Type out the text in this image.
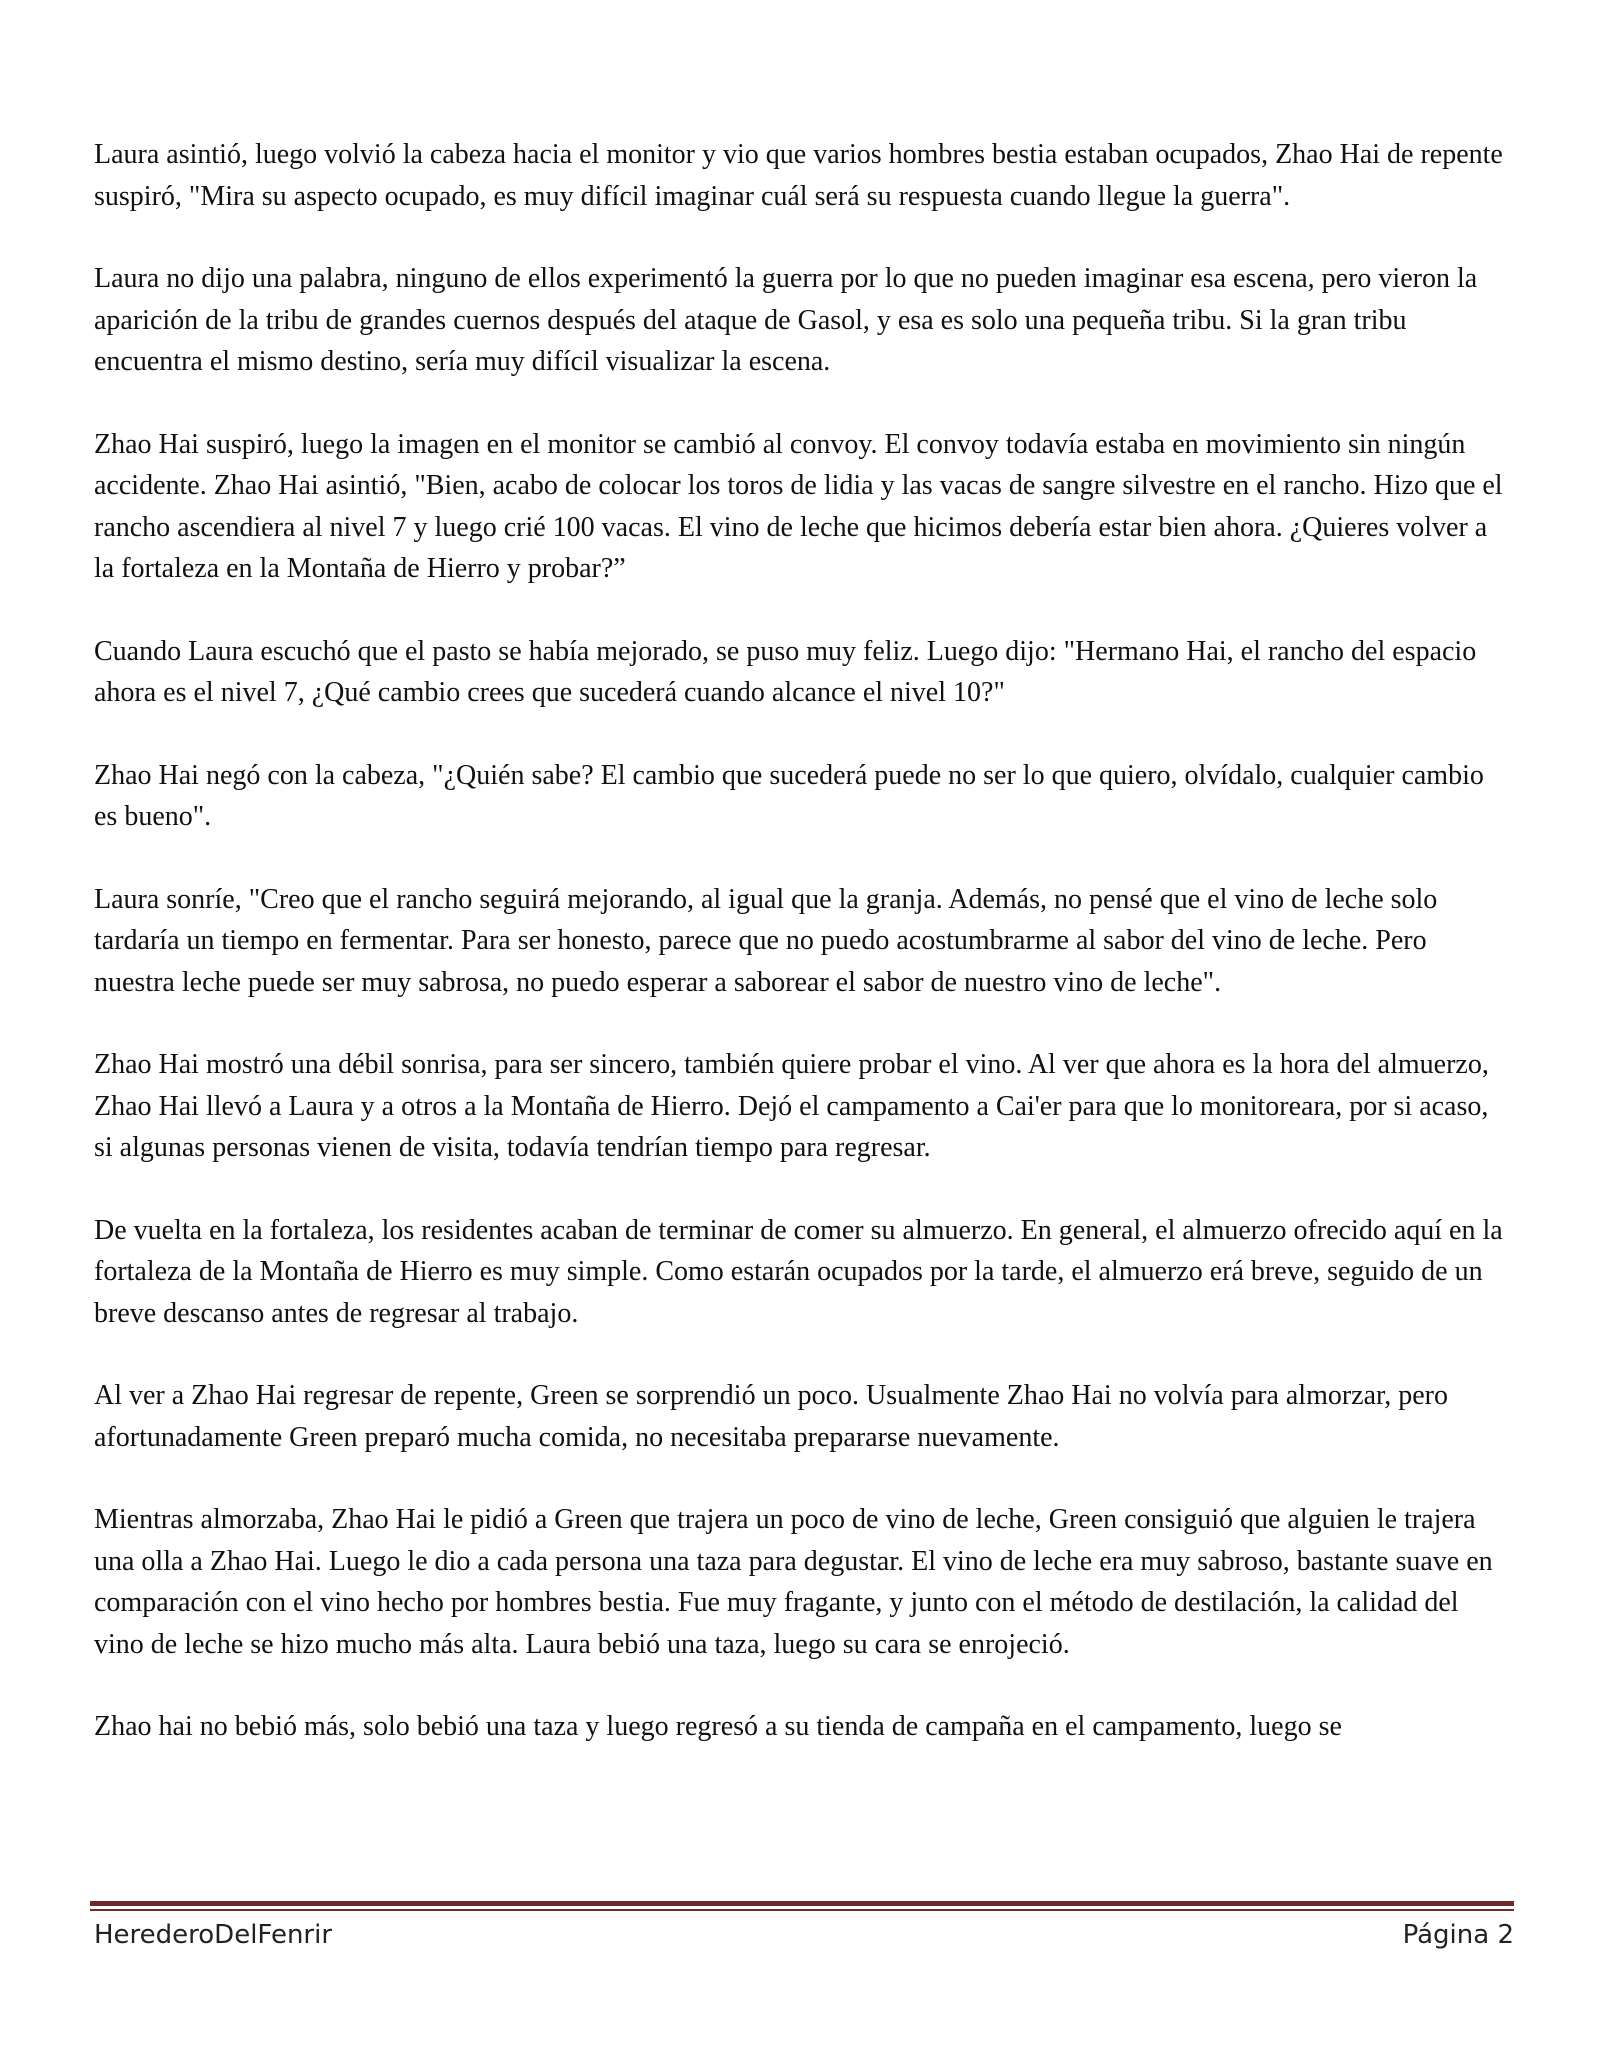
Laura asintió, luego volvió la cabeza hacia el monitor y vio que varios hombres bestia estaban ocupados, Zhao Hai de repente suspiró, "Mira su aspecto ocupado, es muy difícil imaginar cuál será su respuesta cuando llegue la guerra".

Laura no dijo una palabra, ninguno de ellos experimentó la guerra por lo que no pueden imaginar esa escena, pero vieron la aparición de la tribu de grandes cuernos después del ataque de Gasol, y esa es solo una pequeña tribu. Si la gran tribu encuentra el mismo destino, sería muy difícil visualizar la escena.

Zhao Hai suspiró, luego la imagen en el monitor se cambió al convoy. El convoy todavía estaba en movimiento sin ningún accidente. Zhao Hai asintió, "Bien, acabo de colocar los toros de lidia y las vacas de sangre silvestre en el rancho. Hizo que el rancho ascendiera al nivel 7 y luego crié 100 vacas. El vino de leche que hicimos debería estar bien ahora. ¿Quieres volver a la fortaleza en la Montaña de Hierro y probar?”

Cuando Laura escuchó que el pasto se había mejorado, se puso muy feliz. Luego dijo: "Hermano Hai, el rancho del espacio ahora es el nivel 7, ¿Qué cambio crees que sucederá cuando alcance el nivel 10?"

Zhao Hai negó con la cabeza, "¿Quién sabe? El cambio que sucederá puede no ser lo que quiero, olvídalo, cualquier cambio es bueno".

Laura sonríe, "Creo que el rancho seguirá mejorando, al igual que la granja. Además, no pensé que el vino de leche solo tardaría un tiempo en fermentar. Para ser honesto, parece que no puedo acostumbrarme al sabor del vino de leche. Pero nuestra leche puede ser muy sabrosa, no puedo esperar a saborear el sabor de nuestro vino de leche".

Zhao Hai mostró una débil sonrisa, para ser sincero, también quiere probar el vino. Al ver que ahora es la hora del almuerzo, Zhao Hai llevó a Laura y a otros a la Montaña de Hierro. Dejó el campamento a Cai'er para que lo monitoreara, por si acaso, si algunas personas vienen de visita, todavía tendrían tiempo para regresar.

De vuelta en la fortaleza, los residentes acaban de terminar de comer su almuerzo. En general, el almuerzo ofrecido aquí en la fortaleza de la Montaña de Hierro es muy simple. Como estarán ocupados por la tarde, el almuerzo erá breve, seguido de un breve descanso antes de regresar al trabajo.

Al ver a Zhao Hai regresar de repente, Green se sorprendió un poco. Usualmente Zhao Hai no volvía para almorzar, pero afortunadamente Green preparó mucha comida, no necesitaba prepararse nuevamente.

Mientras almorzaba, Zhao Hai le pidió a Green que trajera un poco de vino de leche, Green consiguió que alguien le trajera una olla a Zhao Hai. Luego le dio a cada persona una taza para degustar. El vino de leche era muy sabroso, bastante suave en comparación con el vino hecho por hombres bestia. Fue muy fragante, y junto con el método de destilación, la calidad del vino de leche se hizo mucho más alta. Laura bebió una taza, luego su cara se enrojeció.

Zhao hai no bebió más, solo bebió una taza y luego regresó a su tienda de campaña en el campamento, luego se

HerederoDelFenrir	Página 2
